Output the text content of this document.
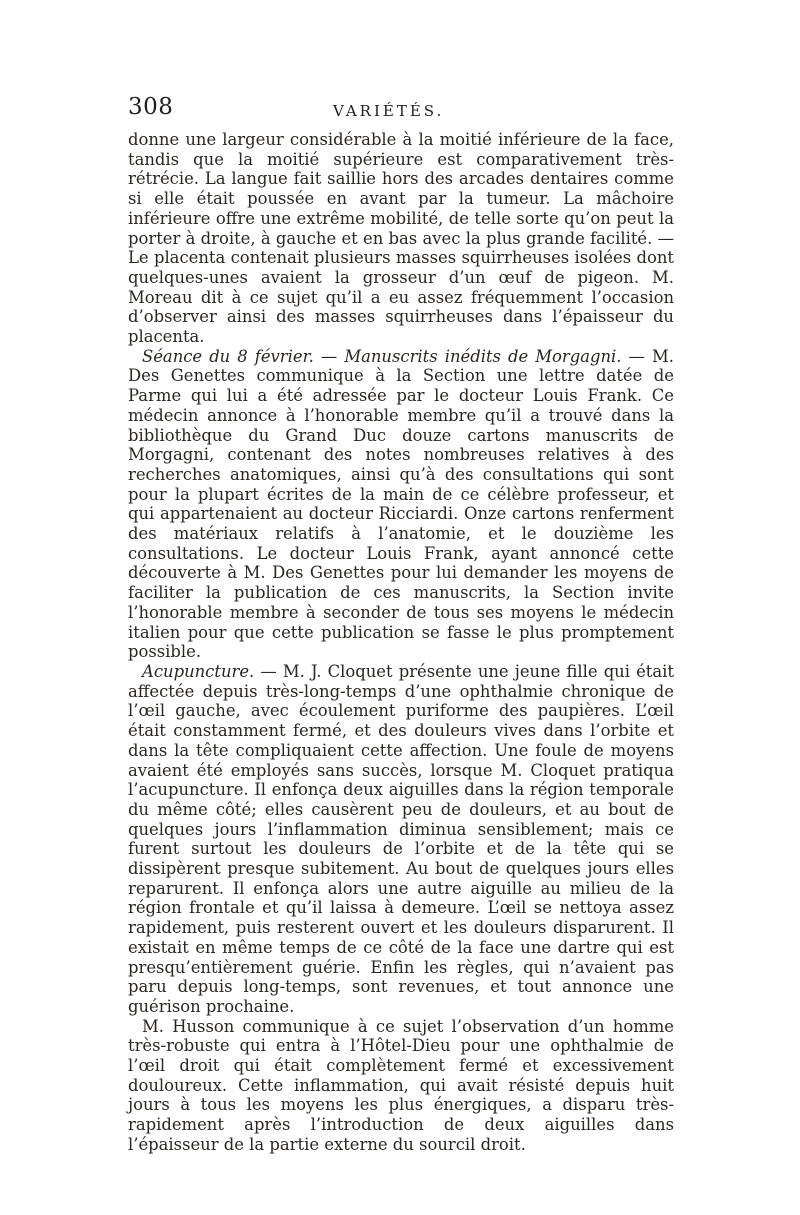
308	VARIÉTÉS.

donne une largeur considérable à la moitié inférieure de la face, tandis que la moitié supérieure est comparativement très-rétrécie. La langue fait saillie hors des arcades dentaires comme si elle était poussée en avant par la tumeur. La mâchoire inférieure offre une extrême mobilité, de telle sorte qu’on peut la porter à droite, à gauche et en bas avec la plus grande facilité. — Le placenta contenait plusieurs masses squirrheuses isolées dont quelques-unes avaient la grosseur d’un œuf de pigeon. M. Moreau dit à ce sujet qu’il a eu assez fréquemment l’occasion d’observer ainsi des masses squirrheuses dans l’épaisseur du placenta.

Séance du 8 février. — Manuscrits inédits de Morgagni. — M. Des Genettes communique à la Section une lettre datée de Parme qui lui a été adressée par le docteur Louis Frank. Ce médecin annonce à l’honorable membre qu’il a trouvé dans la bibliothèque du Grand Duc douze cartons manuscrits de Morgagni, contenant des notes nombreuses relatives à des recherches anatomiques, ainsi qu’à des consultations qui sont pour la plupart écrites de la main de ce célèbre professeur, et qui appartenaient au docteur Ricciardi. Onze cartons renferment des matériaux relatifs à l’anatomie, et le douzième les consultations. Le docteur Louis Frank, ayant annoncé cette découverte à M. Des Genettes pour lui demander les moyens de faciliter la publication de ces manuscrits, la Section invite l’honorable membre à seconder de tous ses moyens le médecin italien pour que cette publication se fasse le plus promptement possible.

Acupuncture. — M. J. Cloquet présente une jeune fille qui était affectée depuis très-long-temps d’une ophthalmie chronique de l’œil gauche, avec écoulement puriforme des paupières. L’œil était constamment fermé, et des douleurs vives dans l’orbite et dans la tête compliquaient cette affection. Une foule de moyens avaient été employés sans succès, lorsque M. Cloquet pratiqua l’acupuncture. Il enfonça deux aiguilles dans la région temporale du même côté; elles causèrent peu de douleurs, et au bout de quelques jours l’inflammation diminua sensiblement; mais ce furent surtout les douleurs de l’orbite et de la tête qui se dissipèrent presque subitement. Au bout de quelques jours elles reparurent. Il enfonça alors une autre aiguille au milieu de la région frontale et qu’il laissa à demeure. L’œil se nettoya assez rapidement, puis resterent ouvert et les douleurs disparurent. Il existait en même temps de ce côté de la face une dartre qui est presqu’entièrement guérie. Enfin les règles, qui n’avaient pas paru depuis long-temps, sont revenues, et tout annonce une guérison prochaine.

M. Husson communique à ce sujet l’observation d’un homme très-robuste qui entra à l’Hôtel-Dieu pour une ophthalmie de l’œil droit qui était complètement fermé et excessivement douloureux. Cette inflammation, qui avait résisté depuis huit jours à tous les moyens les plus énergiques, a disparu très-rapidement après l’introduction de deux aiguilles dans l’épaisseur de la partie externe du sourcil droit.
